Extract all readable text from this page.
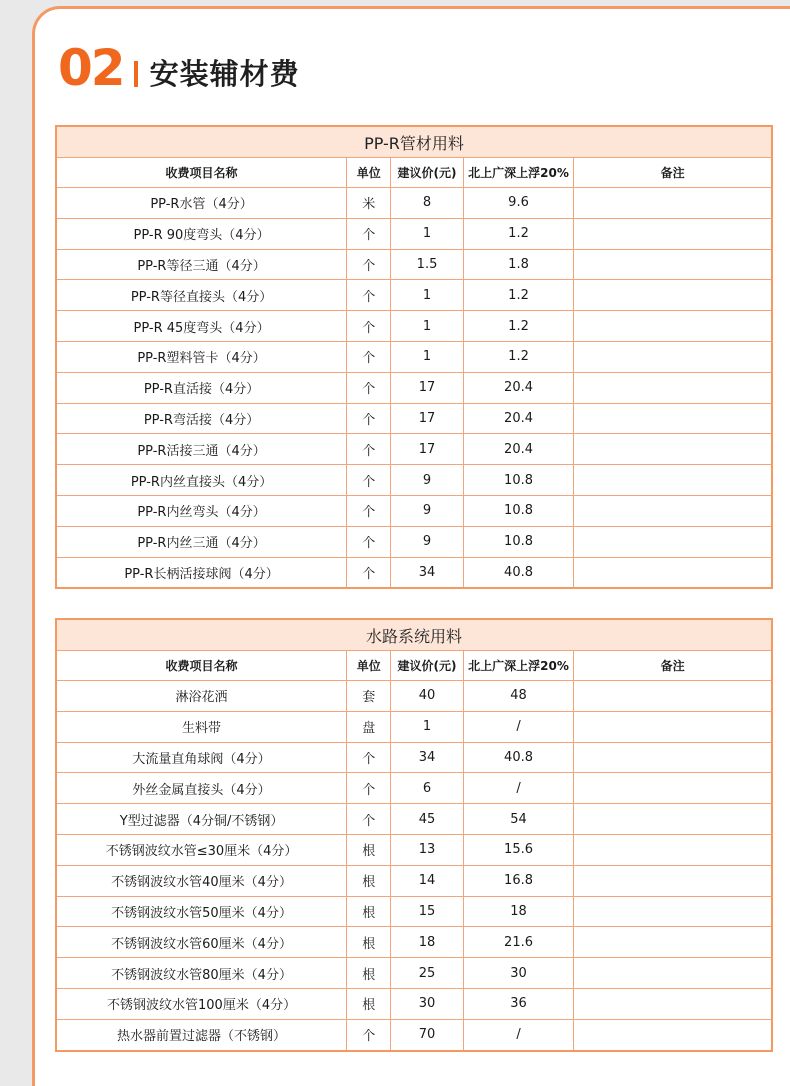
02 安装辅材费
PP-R管材用料				
收费项目名称	单位	建议价(元)	北上广深上浮20%	备注
PP-R水管（4分）	米	8	9.6	
PP-R 90度弯头（4分）	个	1	1.2	
PP-R等径三通（4分）	个	1.5	1.8	
PP-R等径直接头（4分）	个	1	1.2	
PP-R 45度弯头（4分）	个	1	1.2	
PP-R塑料管卡（4分）	个	1	1.2	
PP-R直活接（4分）	个	17	20.4	
PP-R弯活接（4分）	个	17	20.4	
PP-R活接三通（4分）	个	17	20.4	
PP-R内丝直接头（4分）	个	9	10.8	
PP-R内丝弯头（4分）	个	9	10.8	
PP-R内丝三通（4分）	个	9	10.8	
PP-R长柄活接球阀（4分）	个	34	40.8	
水路系统用料				
收费项目名称	单位	建议价(元)	北上广深上浮20%	备注
淋浴花洒	套	40	48	
生料带	盘	1	/	
大流量直角球阀（4分）	个	34	40.8	
外丝金属直接头（4分）	个	6	/	
Y型过滤器（4分铜/不锈钢）	个	45	54	
不锈钢波纹水管≤30厘米（4分）	根	13	15.6	
不锈钢波纹水管40厘米（4分）	根	14	16.8	
不锈钢波纹水管50厘米（4分）	根	15	18	
不锈钢波纹水管60厘米（4分）	根	18	21.6	
不锈钢波纹水管80厘米（4分）	根	25	30	
不锈钢波纹水管100厘米（4分）	根	30	36	
热水器前置过滤器（不锈钢）	个	70	/	
